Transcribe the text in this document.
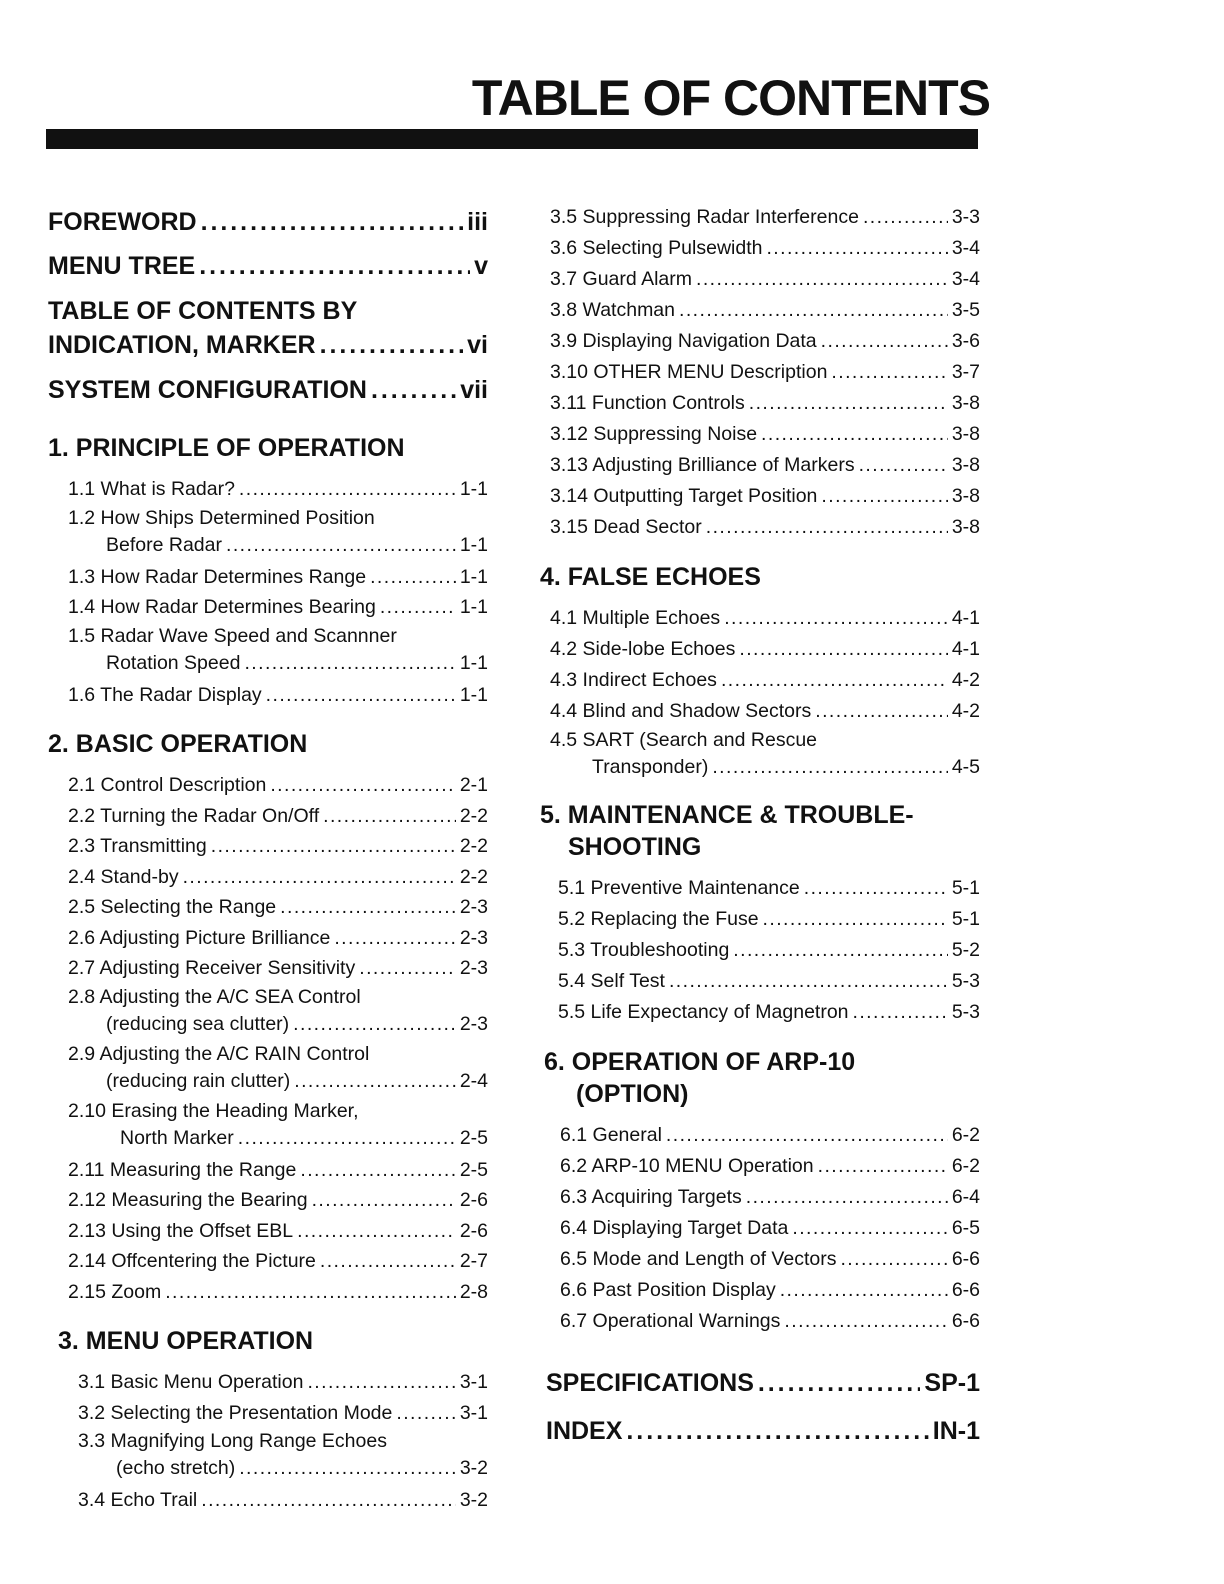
TABLE OF CONTENTS
FOREWORD . . .	iii
MENU TREE . . .	v
TABLE OF CONTENTS BY
INDICATION, MARKER . . .	vi
SYSTEM CONFIGURATION . . .	vii
1. PRINCIPLE OF OPERATION
1.1 What is Radar? . . .	1-1
1.2 How Ships Determined Position
Before Radar . . .	1-1
1.3 How Radar Determines Range . . .	1-1
1.4 How Radar Determines Bearing . . .	1-1
1.5 Radar Wave Speed and Scannner
Rotation Speed . . .	1-1
1.6 The Radar Display . . .	1-1
2. BASIC OPERATION
2.1 Control Description . . .	2-1
2.2 Turning the Radar On/Off . . .	2-2
2.3 Transmitting . . .	2-2
2.4 Stand-by . . .	2-2
2.5 Selecting the Range . . .	2-3
2.6 Adjusting Picture Brilliance . . .	2-3
2.7 Adjusting Receiver Sensitivity . . .	2-3
2.8 Adjusting the A/C SEA Control
(reducing sea clutter) . . .	2-3
2.9 Adjusting the A/C RAIN Control
(reducing rain clutter) . . .	2-4
2.10 Erasing the Heading Marker,
North Marker . . .	2-5
2.11 Measuring the Range . . .	2-5
2.12 Measuring the Bearing . . .	2-6
2.13 Using the Offset EBL . . .	2-6
2.14 Offcentering the Picture . . .	2-7
2.15 Zoom . . .	2-8
3. MENU OPERATION
3.1 Basic Menu Operation . . .	3-1
3.2 Selecting the Presentation Mode . . .	3-1
3.3 Magnifying Long Range Echoes
(echo stretch) . . .	3-2
3.4 Echo Trail . . .	3-2
3.5 Suppressing Radar Interference . . .	3-3
3.6 Selecting Pulsewidth . . .	3-4
3.7 Guard Alarm . . .	3-4
3.8 Watchman . . .	3-5
3.9 Displaying Navigation Data . . .	3-6
3.10 OTHER MENU Description . . .	3-7
3.11 Function Controls . . .	3-8
3.12 Suppressing Noise . . .	3-8
3.13 Adjusting Brilliance of Markers . . .	3-8
3.14 Outputting Target Position . . .	3-8
3.15 Dead Sector . . .	3-8
4. FALSE ECHOES
4.1 Multiple Echoes . . .	4-1
4.2 Side-lobe Echoes . . .	4-1
4.3 Indirect Echoes . . .	4-2
4.4 Blind and Shadow Sectors . . .	4-2
4.5 SART (Search and Rescue
Transponder) . . .	4-5
5. MAINTENANCE & TROUBLE-
SHOOTING
5.1 Preventive Maintenance . . .	5-1
5.2 Replacing the Fuse . . .	5-1
5.3 Troubleshooting . . .	5-2
5.4 Self Test . . .	5-3
5.5 Life Expectancy of Magnetron . . .	5-3
6. OPERATION OF ARP-10
(OPTION)
6.1 General . . .	6-2
6.2 ARP-10 MENU Operation . . .	6-2
6.3 Acquiring Targets . . .	6-4
6.4 Displaying Target Data . . .	6-5
6.5 Mode and Length of Vectors . . .	6-6
6.6 Past Position Display . . .	6-6
6.7 Operational Warnings . . .	6-6
SPECIFICATIONS . . .	SP-1
INDEX . . .	IN-1
